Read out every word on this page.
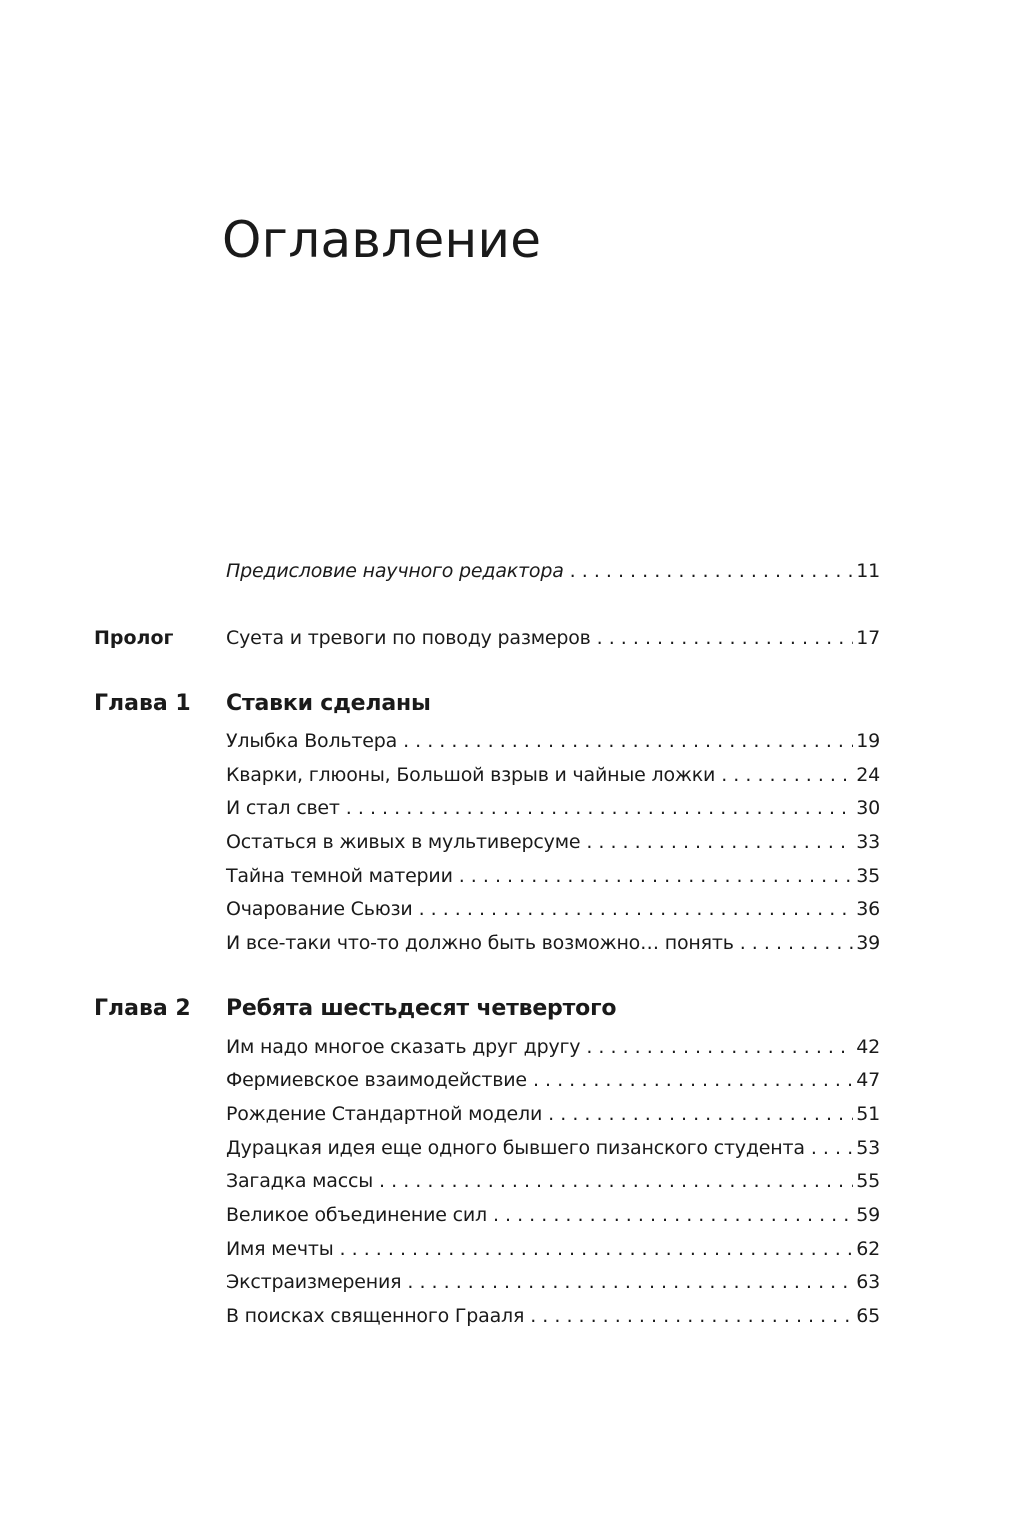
Оглавление
Предисловие научного редактора . . .	11
Пролог	Суета и тревоги по поводу размеров . . .	17
Глава 1 Ставки сделаны
Улыбка Вольтера . . .	19
Кварки, глюоны, Большой взрыв и чайные ложки . . .	24
И стал свет . . .	30
Остаться в живых в мультиверсуме . . .	33
Тайна темной материи . . .	35
Очарование Сьюзи . . .	36
И все-таки что-то должно быть возможно… понять . . .	39
Глава 2 Ребята шестьдесят четвертого
Им надо многое сказать друг другу . . .	42
Фермиевское взаимодействие . . .	47
Рождение Стандартной модели . . .	51
Дурацкая идея еще одного бывшего пизанского студента . . .	53
Загадка массы . . .	55
Великое объединение сил . . .	59
Имя мечты . . .	62
Экстраизмерения . . .	63
В поисках священного Грааля . . .	65
